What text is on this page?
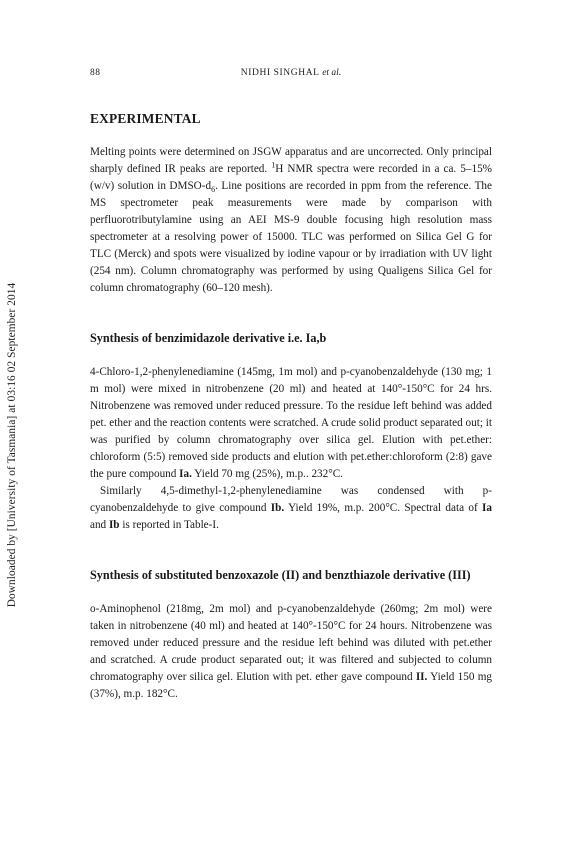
Downloaded by [University of Tasmania] at 03:16 02 September 2014
88	NIDHI SINGHAL et al.
EXPERIMENTAL

Melting points were determined on JSGW apparatus and are uncorrected. Only principal sharply defined IR peaks are reported. $^1$H NMR spectra were recorded in a ca. 5–15% (w/v) solution in DMSO-$d_6$. Line positions are recorded in ppm from the reference. The MS spectrometer peak measurements were made by comparison with perfluorotributylamine using an AEI MS-9 double focusing high resolution mass spectrometer at a resolving power of 15000. TLC was performed on Silica Gel G for TLC (Merck) and spots were visualized by iodine vapour or by irradiation with UV light (254 nm). Column chromatography was performed by using Qualigens Silica Gel for column chromatography (60–120 mesh).

Synthesis of benzimidazole derivative i.e. Ia,b

4-Chloro-1,2-phenylenediamine (145mg, 1m mol) and p-cyanobenzaldehyde (130 mg; 1 m mol) were mixed in nitrobenzene (20 ml) and heated at 140°-150°C for 24 hrs. Nitrobenzene was removed under reduced pressure. To the residue left behind was added pet. ether and the reaction contents were scratched. A crude solid product separated out; it was purified by column chromatography over silica gel. Elution with pet.ether: chloroform (5:5) removed side products and elution with pet.ether:chloroform (2:8) gave the pure compound Ia. Yield 70 mg (25%), m.p.. 232°C.

Similarly 4,5-dimethyl-1,2-phenylenediamine was condensed with p-cyanobenzaldehyde to give compound Ib. Yield 19%, m.p. 200°C. Spectral data of Ia and Ib is reported in Table-I.

Synthesis of substituted benzoxazole (II) and benzthiazole derivative (III)

o-Aminophenol (218mg, 2m mol) and p-cyanobenzaldehyde (260mg; 2m mol) were taken in nitrobenzene (40 ml) and heated at 140°-150°C for 24 hours. Nitrobenzene was removed under reduced pressure and the residue left behind was diluted with pet.ether and scratched. A crude product separated out; it was filtered and subjected to column chromatography over silica gel. Elution with pet. ether gave compound II. Yield 150 mg (37%), m.p. 182°C.
